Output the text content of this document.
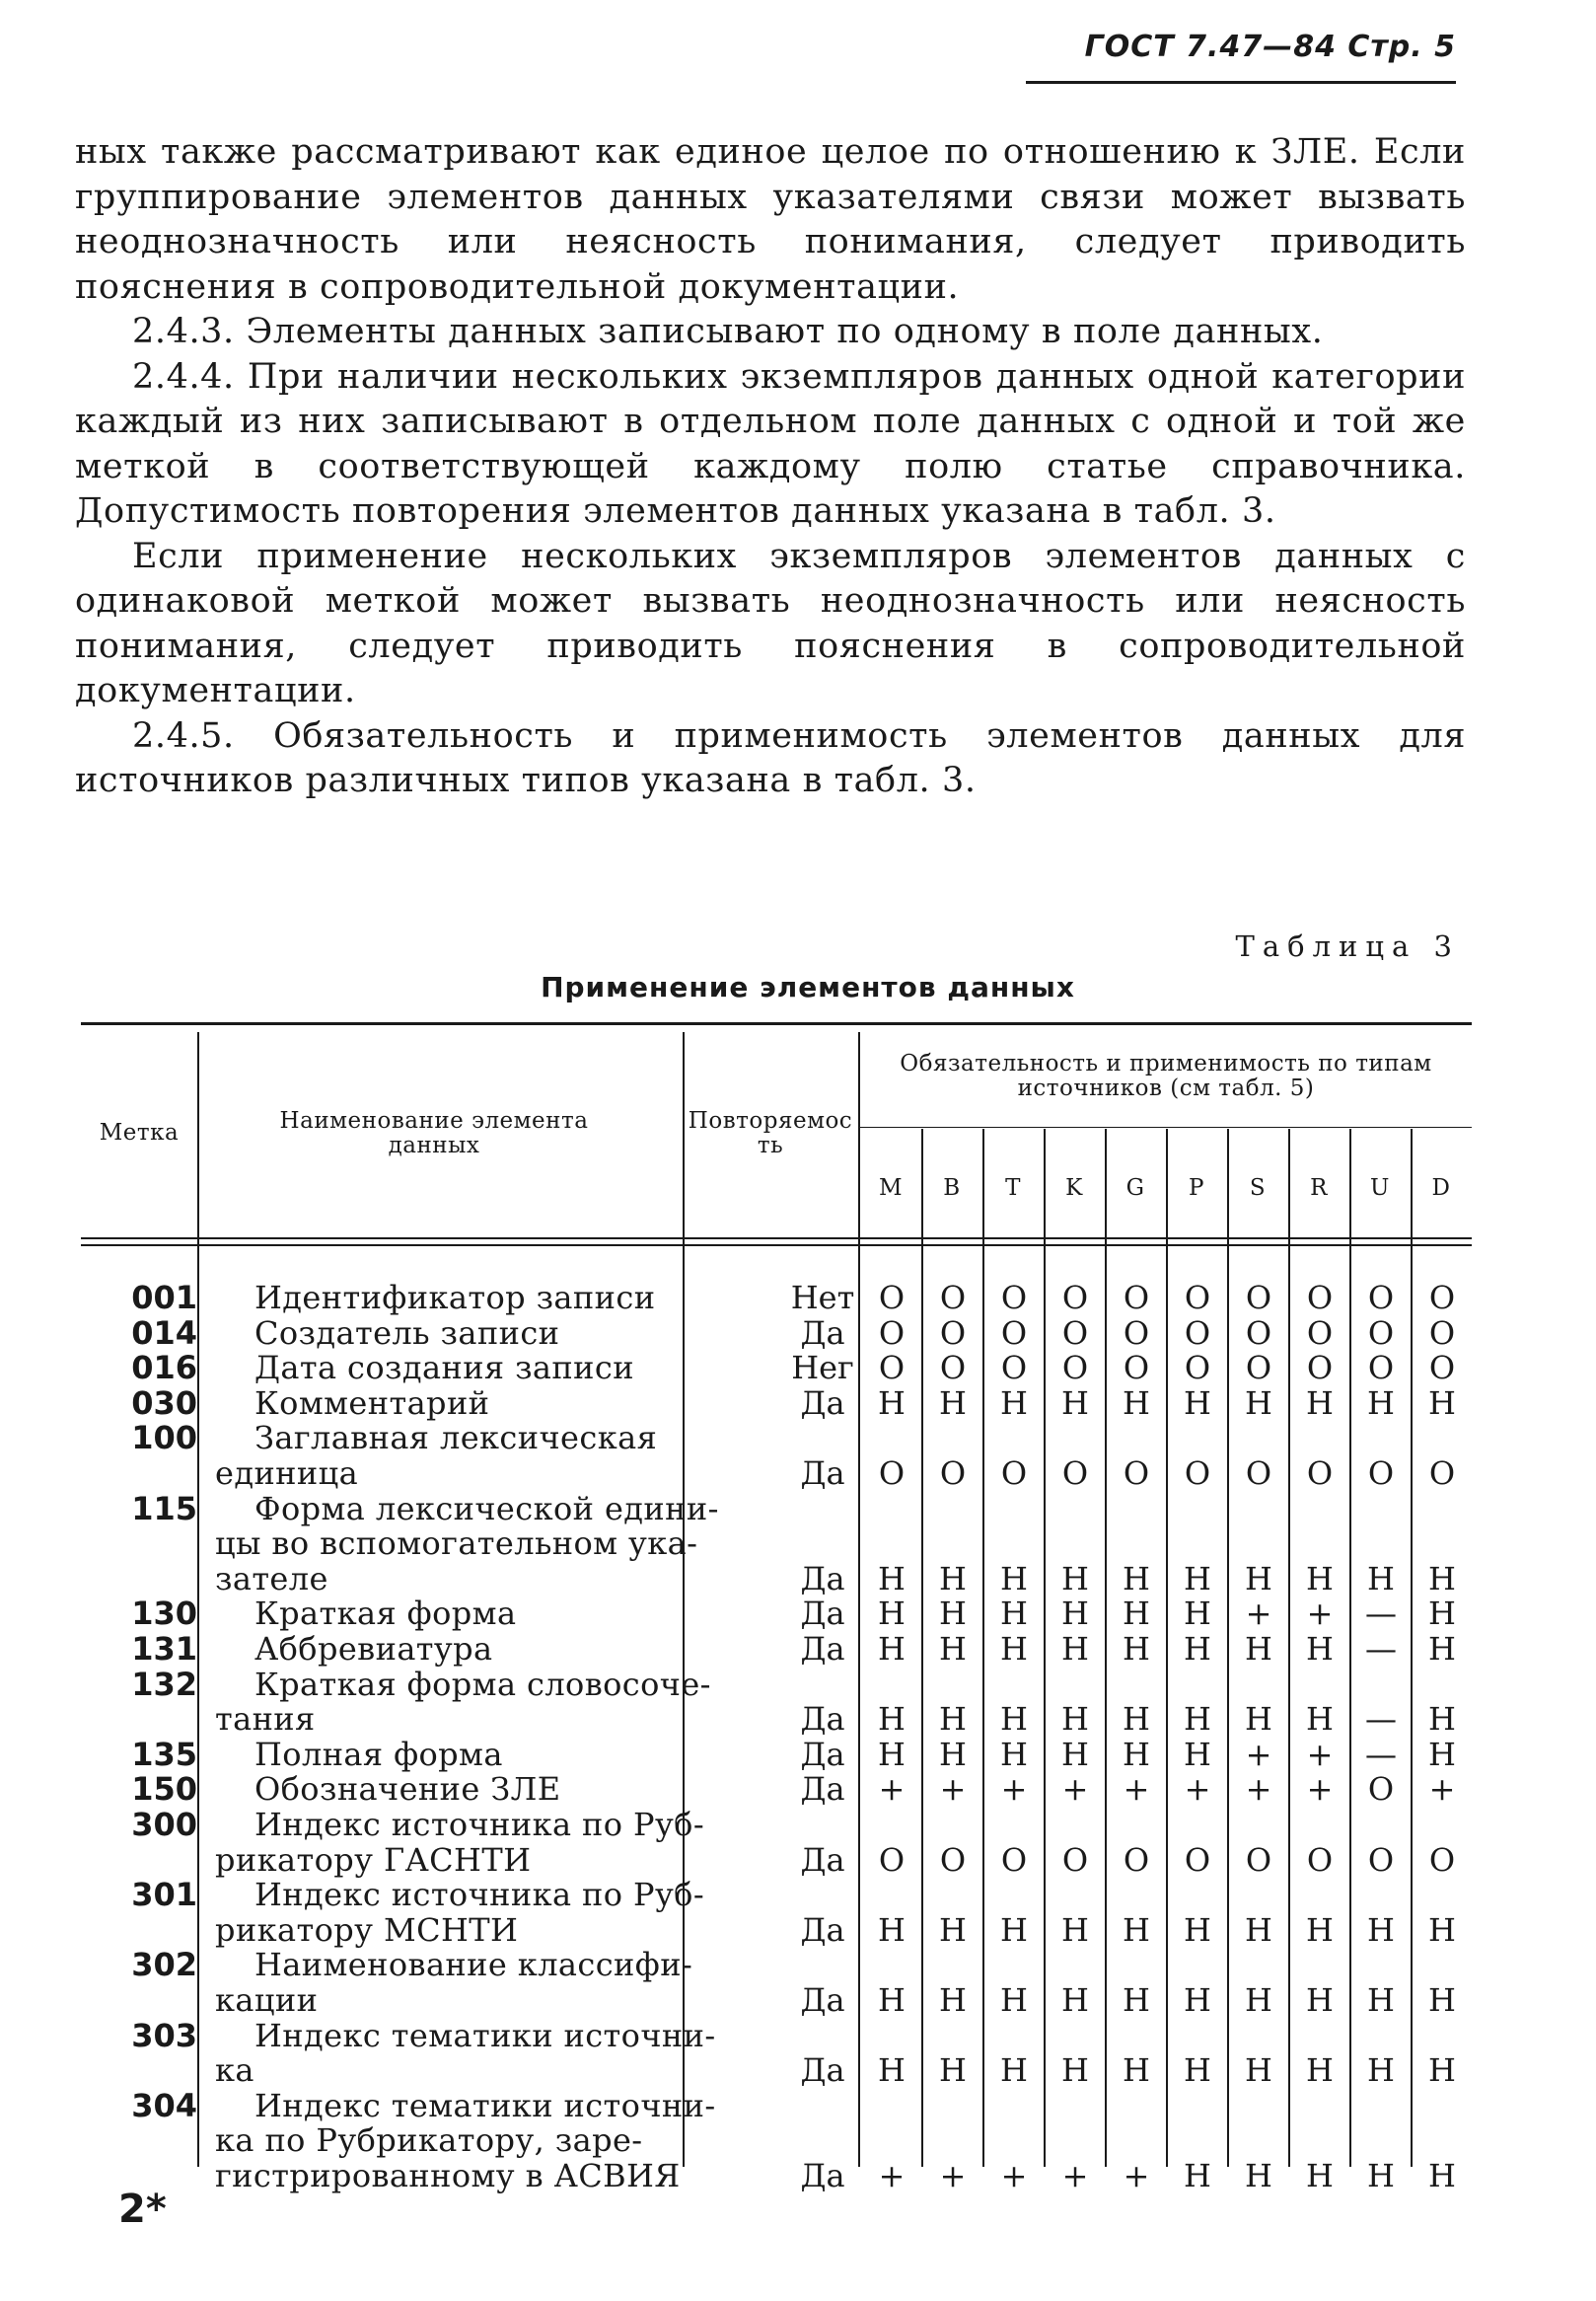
ГОСТ 7.47—84 Стр. 5

ных также рассматривают как единое целое по отношению к ЗЛЕ. Если группирование элементов данных указателями связи может вызвать неоднозначность или неясность понимания, следует приводить пояснения в сопроводительной документации.

2.4.3. Элементы данных записывают по одному в поле данных.

2.4.4. При наличии нескольких экземпляров данных одной категории каждый из них записывают в отдельном поле данных с одной и той же меткой в соответствующей каждому полю статье справочника. Допустимость повторения элементов данных указана в табл. 3.

Если применение нескольких экземпляров элементов данных с одинаковой меткой может вызвать неоднозначность или неясность понимания, следует приводить пояснения в сопроводительной документации.

2.4.5. Обязательность и применимость элементов данных для источников различных типов указана в табл. 3.

Таблица 3
Применение элементов данных
Метка	Наименование элемента данных
Повторяемость
Обязательность и применимость по типам источников (см табл. 5)
M	B	T	K	G	P	S	R	U	D
001	Идентификатор записи	Нет О	О	О	О	О	О	О	О	О	О
014	Создатель записи	Да	О	О	О	О	О	О	О	О	О	О
016	Дата создания записи	Нег О	О	О	О	О	О	О	О	О	О
030	Комментарий	Да	Н	Н	Н	Н	Н	Н	Н	Н	Н	Н
100	Заглавная лексическая
единица	Да	О	О	О	О	О	О	О	О	О	О
115	Форма лексической едини-
цы во вспомогательном ука-
зателе	Да	Н	Н	Н	Н	Н	Н	Н	Н	Н	Н
130	Краткая форма	Да	Н	Н	Н	Н	Н	Н	+	+	—	Н
131	Аббревиатура	Да	Н	Н	Н	Н	Н	Н	Н	Н	—	Н
132	Краткая форма словосоче-
тания	Да	Н	Н	Н	Н	Н	Н	Н	Н	—	Н
135	Полная форма	Да	Н	Н	Н	Н	Н	Н	+	+	—	Н
150	Обозначение ЗЛЕ	Да	+	+	+	+	+	+	+	+	О	+
300	Индекс источника по Руб-
рикатору ГАСНТИ	Да	О	О	О	О	О	О	О	О	О	О
301	Индекс источника по Руб-
рикатору МСНТИ	Да	Н	Н	Н	Н	Н	Н	Н	Н	Н	Н
302	Наименование классифи-
кации	Да	Н	Н	Н	Н	Н	Н	Н	Н	Н	Н
303	Индекс тематики источни-
ка	Да	Н	Н	Н	Н	Н	Н	Н	Н	Н	Н
304	Индекс тематики источни-
ка по Рубрикатору, заре-
гистрированному в АСВИЯ	Да	+	+	+	+	+	Н	Н	Н	Н	Н
2*
